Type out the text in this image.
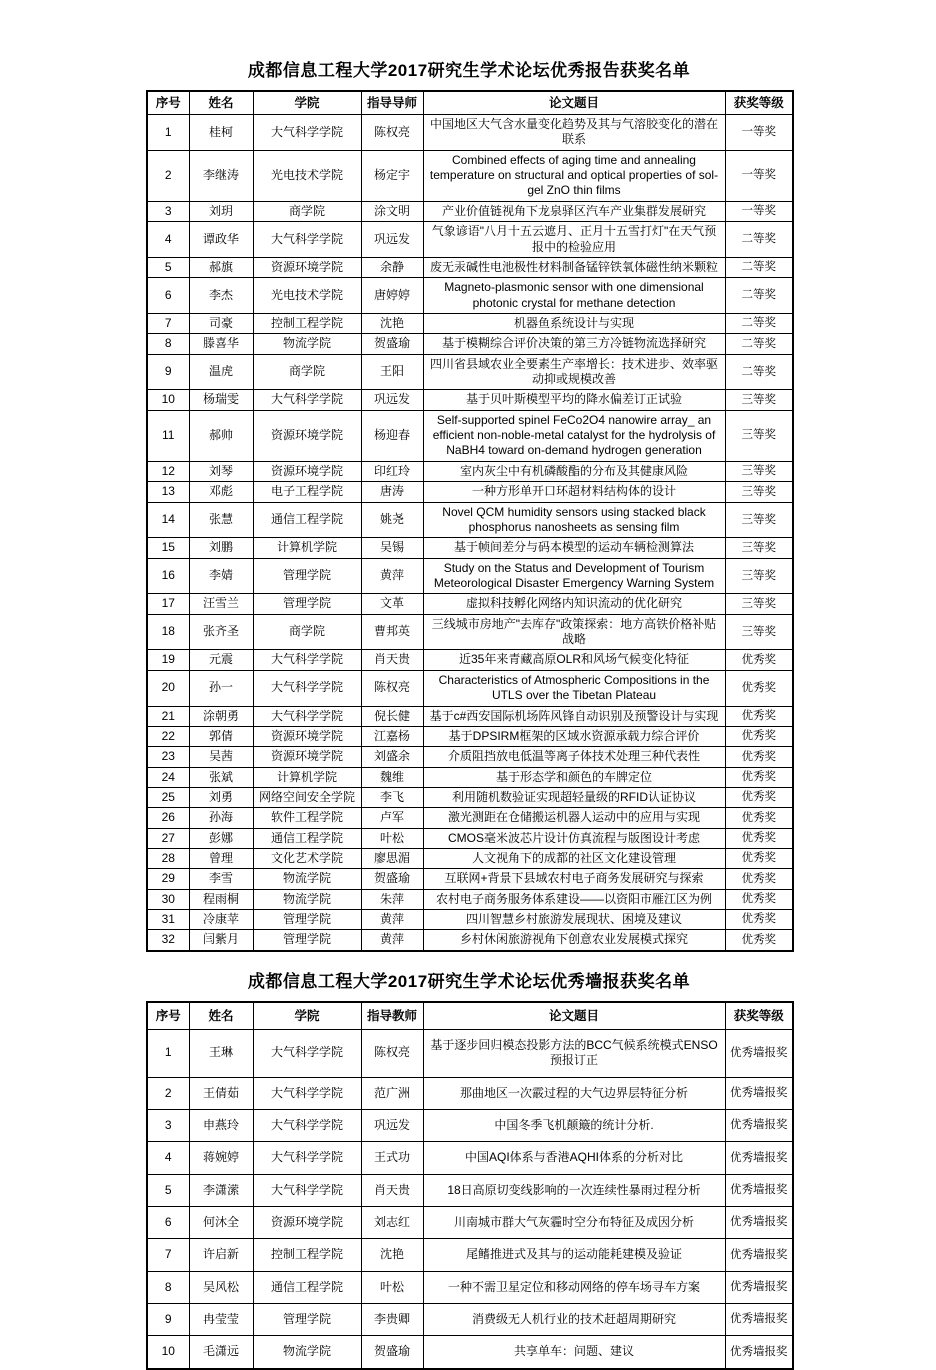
成都信息工程大学2017研究生学术论坛优秀报告获奖名单
序号	姓名	学院	指导导师	论文题目	获奖等级
1	桂柯	大气科学学院	陈权亮	中国地区大气含水量变化趋势及其与气溶胶变化的潜在联系	一等奖
2	李继涛	光电技术学院	杨定宇	Combined effects of aging time and annealing temperature on structural and optical properties of sol-gel ZnO thin films	一等奖
3	刘玥	商学院	涂文明	产业价值链视角下龙泉驿区汽车产业集群发展研究	一等奖
4	谭政华	大气科学学院	巩远发	气象谚语"八月十五云遮月、正月十五雪打灯"在天气预报中的检验应用	二等奖
5	郝旗	资源环境学院	余静	废无汞碱性电池极性材料制备锰锌铁氧体磁性纳米颗粒	二等奖
6	李杰	光电技术学院	唐婷婷	Magneto-plasmonic sensor with one dimensional photonic crystal for methane detection	二等奖
7	司豪	控制工程学院	沈艳	机器鱼系统设计与实现	二等奖
8	滕喜华	物流学院	贺盛瑜	基于模糊综合评价决策的第三方冷链物流选择研究	二等奖
9	温虎	商学院	王阳	四川省县域农业全要素生产率增长：技术进步、效率驱动抑或规模改善	二等奖
10	杨瑞雯	大气科学学院	巩远发	基于贝叶斯模型平均的降水偏差订正试验	三等奖
11	郝帅	资源环境学院	杨迎春	Self-supported spinel FeCo2O4 nanowire array_ an efficient non-noble-metal catalyst for the hydrolysis of NaBH4 toward on-demand hydrogen generation	三等奖
12	刘琴	资源环境学院	印红玲	室内灰尘中有机磷酸酯的分布及其健康风险	三等奖
13	邓彪	电子工程学院	唐涛	一种方形单开口环超材料结构体的设计	三等奖
14	张慧	通信工程学院	姚尧	Novel QCM humidity sensors using stacked black phosphorus nanosheets as sensing film	三等奖
15	刘鹏	计算机学院	吴锡	基于帧间差分与码本模型的运动车辆检测算法	三等奖
16	李婧	管理学院	黄萍	Study on the Status and Development of Tourism Meteorological Disaster Emergency Warning System	三等奖
17	汪雪兰	管理学院	文革	虚拟科技孵化网络内知识流动的优化研究	三等奖
18	张齐圣	商学院	曹邦英	三线城市房地产"去库存"政策探索：地方高铁价格补贴战略	三等奖
19	元震	大气科学学院	肖天贵	近35年来青藏高原OLR和风场气候变化特征	优秀奖
20	孙一	大气科学学院	陈权亮	Characteristics of Atmospheric Compositions in the UTLS over the Tibetan Plateau	优秀奖
21	涂朝勇	大气科学学院	倪长健	基于c#西安国际机场阵风锋自动识别及预警设计与实现	优秀奖
22	郭倩	资源环境学院	江嘉杨	基于DPSIRM框架的区域水资源承载力综合评价	优秀奖
23	吴茜	资源环境学院	刘盛余	介质阻挡放电低温等离子体技术处理三种代表性	优秀奖
24	张斌	计算机学院	魏维	基于形态学和颜色的车牌定位	优秀奖
25	刘勇	网络空间安全学院	李飞	利用随机数验证实现超轻量级的RFID认证协议	优秀奖
26	孙海	软件工程学院	卢军	激光测距在仓储搬运机器人运动中的应用与实现	优秀奖
27	彭娜	通信工程学院	叶松	CMOS毫米波芯片设计仿真流程与版图设计考虑	优秀奖
28	曾理	文化艺术学院	廖思湄	人文视角下的成都的社区文化建设管理	优秀奖
29	李雪	物流学院	贺盛瑜	互联网+背景下县域农村电子商务发展研究与探索	优秀奖
30	程雨桐	物流学院	朱萍	农村电子商务服务体系建设——以资阳市雁江区为例	优秀奖
31	冷康苹	管理学院	黄萍	四川智慧乡村旅游发展现状、困境及建议	优秀奖
32	闫紫月	管理学院	黄萍	乡村休闲旅游视角下创意农业发展模式探究	优秀奖
成都信息工程大学2017研究生学术论坛优秀墙报获奖名单
序号	姓名	学院	指导教师	论文题目	获奖等级
1	王琳	大气科学学院	陈权亮	基于逐步回归模态投影方法的BCC气候系统模式ENSO预报订正	优秀墙报奖
2	王倩茹	大气科学学院	范广洲	那曲地区一次霰过程的大气边界层特征分析	优秀墙报奖
3	申燕玲	大气科学学院	巩远发	中国冬季飞机颠簸的统计分析.	优秀墙报奖
4	蒋婉婷	大气科学学院	王式功	中国AQI体系与香港AQHI体系的分析对比	优秀墙报奖
5	李潇潆	大气科学学院	肖天贵	18日高原切变线影响的一次连续性暴雨过程分析	优秀墙报奖
6	何沐全	资源环境学院	刘志红	川南城市群大气灰霾时空分布特征及成因分析	优秀墙报奖
7	许启新	控制工程学院	沈艳	尾鳍推进式及其与的运动能耗建模及验证	优秀墙报奖
8	吴风松	通信工程学院	叶松	一种不需卫星定位和移动网络的停车场寻车方案	优秀墙报奖
9	冉莹莹	管理学院	李贵卿	消费级无人机行业的技术赶超周期研究	优秀墙报奖
10	毛潇远	物流学院	贺盛瑜	共享单车：问题、建议	优秀墙报奖
